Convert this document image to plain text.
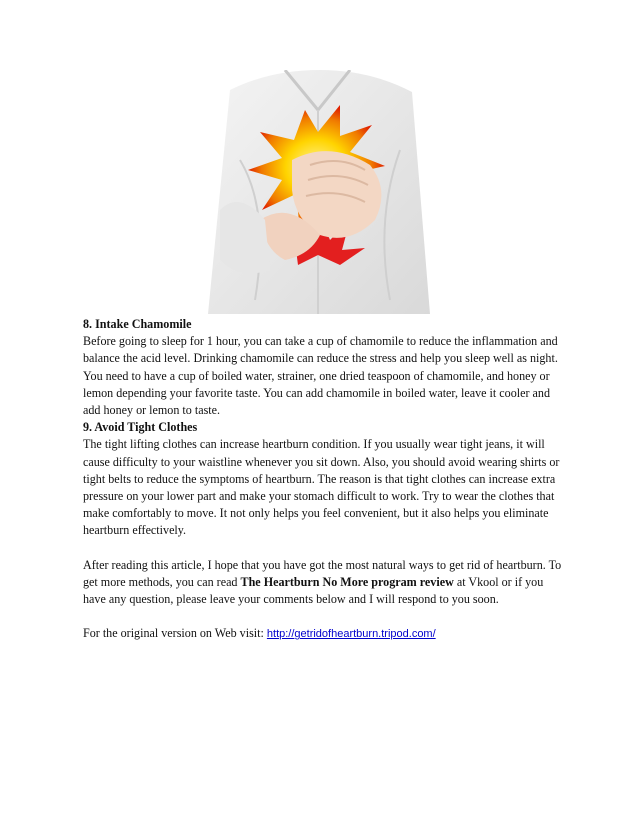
8. Intake Chamomile

Before going to sleep for 1 hour, you can take a cup of chamomile to reduce the inflammation and balance the acid level. Drinking chamomile can reduce the stress and help you sleep well as night. You need to have a cup of boiled water, strainer, one dried teaspoon of chamomile, and honey or lemon depending your favorite taste. You can add chamomile in boiled water, leave it cooler and add honey or lemon to taste.

9. Avoid Tight Clothes

The tight lifting clothes can increase heartburn condition. If you usually wear tight jeans, it will cause difficulty to your waistline whenever you sit down. Also, you should avoid wearing shirts or tight belts to reduce the symptoms of heartburn. The reason is that tight clothes can increase extra pressure on your lower part and make your stomach difficult to work. Try to wear the clothes that make comfortably to move. It not only helps you feel convenient, but it also helps you eliminate heartburn effectively.

After reading this article, I hope that you have got the most natural ways to get rid of heartburn. To get more methods, you can read The Heartburn No More program review at Vkool or if you have any question, please leave your comments below and I will respond to you soon.

For the original version on Web visit: http://getridofheartburn.tripod.com/
